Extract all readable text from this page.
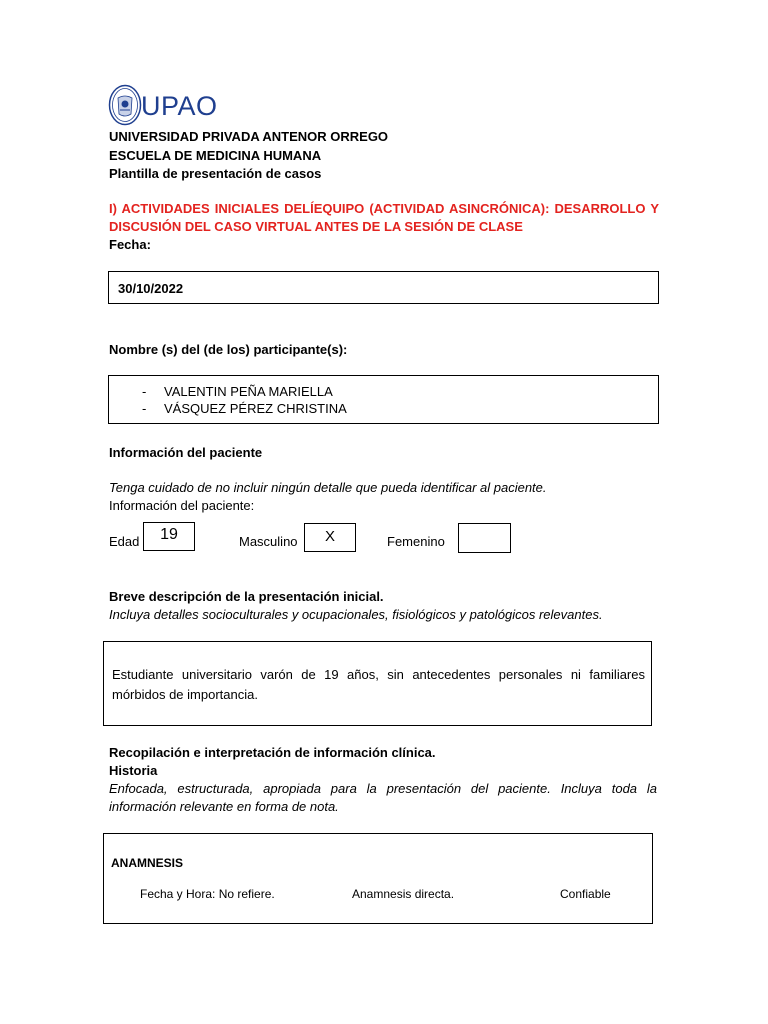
UPAO
UNIVERSIDAD PRIVADA ANTENOR ORREGO
ESCUELA DE MEDICINA HUMANA
Plantilla de presentación de casos
I) ACTIVIDADES INICIALES DELÍEQUIPO (ACTIVIDAD ASINCRÓNICA): DESARROLLO Y DISCUSIÓN DEL CASO VIRTUAL ANTES DE LA SESIÓN DE CLASE
Fecha:
30/10/2022
Nombre (s) del (de los) participante(s):
- VALENTIN PEÑA MARIELLA
- VÁSQUEZ PÉREZ CHRISTINA
Información del paciente
Tenga cuidado de no incluir ningún detalle que pueda identificar al paciente.
Información del paciente:
Edad	19	Masculino	X	Femenino
Breve descripción de la presentación inicial.
Incluya detalles socioculturales y ocupacionales, fisiológicos y patológicos relevantes.
Estudiante universitario varón de 19 años, sin antecedentes personales ni familiares mórbidos de importancia.
Recopilación e interpretación de información clínica.
Historia
Enfocada, estructurada, apropiada para la presentación del paciente. Incluya toda la información relevante en forma de nota.
ANAMNESIS
Fecha y Hora: No refiere.	Anamnesis directa.	Confiable
